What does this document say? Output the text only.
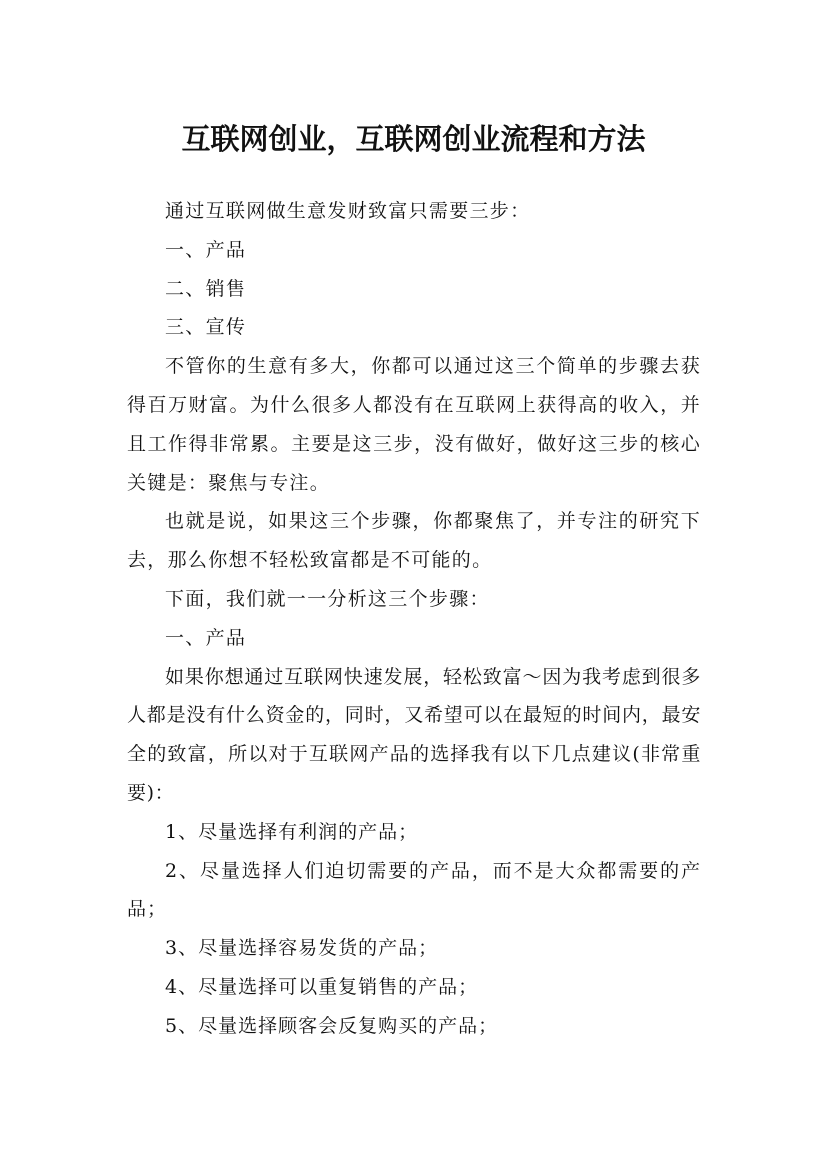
互联网创业，互联网创业流程和方法

通过互联网做生意发财致富只需要三步：

一、产品

二、销售

三、宣传

不管你的生意有多大，你都可以通过这三个简单的步骤去获得百万财富。为什么很多人都没有在互联网上获得高的收入，并且工作得非常累。主要是这三步，没有做好，做好这三步的核心关键是：聚焦与专注。

也就是说，如果这三个步骤，你都聚焦了，并专注的研究下去，那么你想不轻松致富都是不可能的。

下面，我们就一一分析这三个步骤：

一、产品

如果你想通过互联网快速发展，轻松致富～因为我考虑到很多人都是没有什么资金的，同时，又希望可以在最短的时间内，最安全的致富，所以对于互联网产品的选择我有以下几点建议(非常重要)：

1、尽量选择有利润的产品；

2、尽量选择人们迫切需要的产品，而不是大众都需要的产品；

3、尽量选择容易发货的产品；

4、尽量选择可以重复销售的产品；

5、尽量选择顾客会反复购买的产品；
